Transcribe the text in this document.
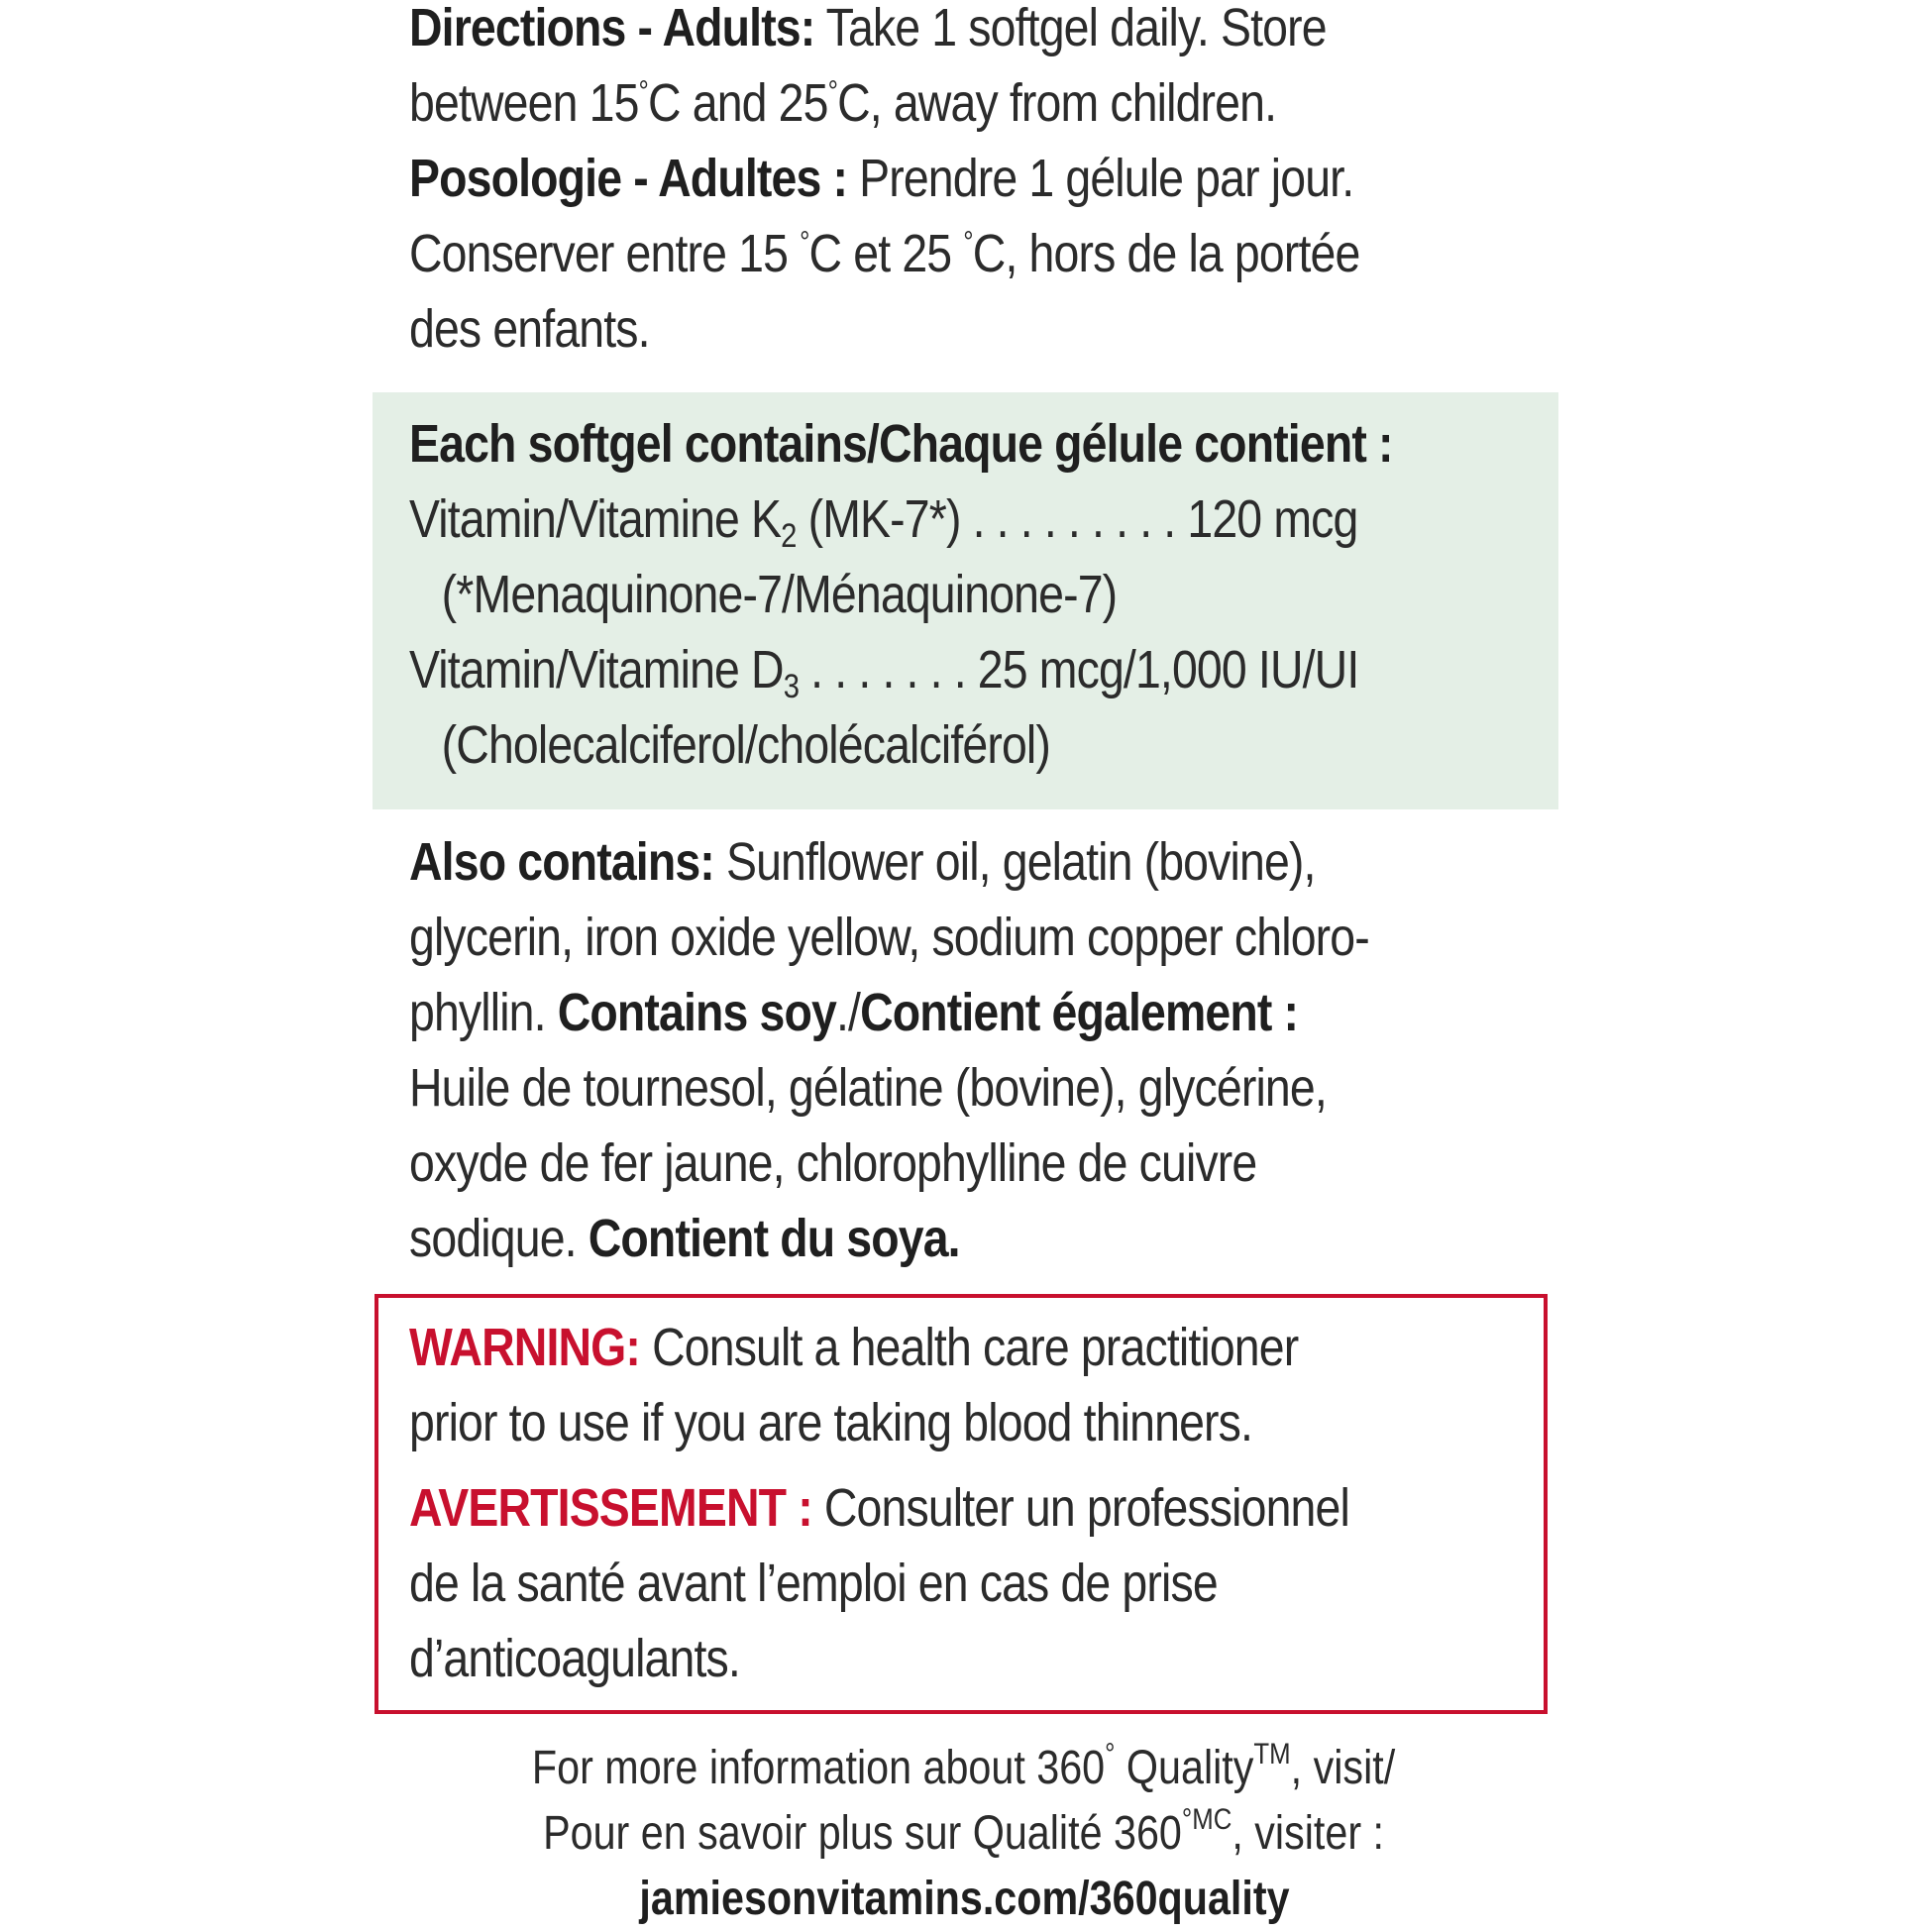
Directions - Adults: Take 1 softgel daily. Store
between 15°C and 25°C, away from children.
Posologie - Adultes : Prendre 1 gélule par jour.
Conserver entre 15 °C et 25 °C, hors de la portée
des enfants.
Each softgel contains/Chaque gélule contient :
Vitamin/Vitamine $K_2$ (MK-7*) . . . . . . . . . 120 mcg
(*Menaquinone-7/Ménaquinone-7)
Vitamin/Vitamine $D_3$ . . . . . . . 25 mcg/1,000 IU/UI
(Cholecalciferol/cholécalciférol)
Also contains: Sunflower oil, gelatin (bovine),
glycerin, iron oxide yellow, sodium copper chloro-
phyllin. Contains soy./Contient également :
Huile de tournesol, gélatine (bovine), glycérine,
oxyde de fer jaune, chlorophylline de cuivre
sodique. Contient du soya.
WARNING: Consult a health care practitioner
prior to use if you are taking blood thinners.
AVERTISSEMENT : Consulter un professionnel
de la santé avant l’emploi en cas de prise
d’anticoagulants.
For more information about 360° Quality™, visit/
Pour en savoir plus sur Qualité $360^{^\circ MC}$, visiter :
jamiesonvitamins.com/360quality
